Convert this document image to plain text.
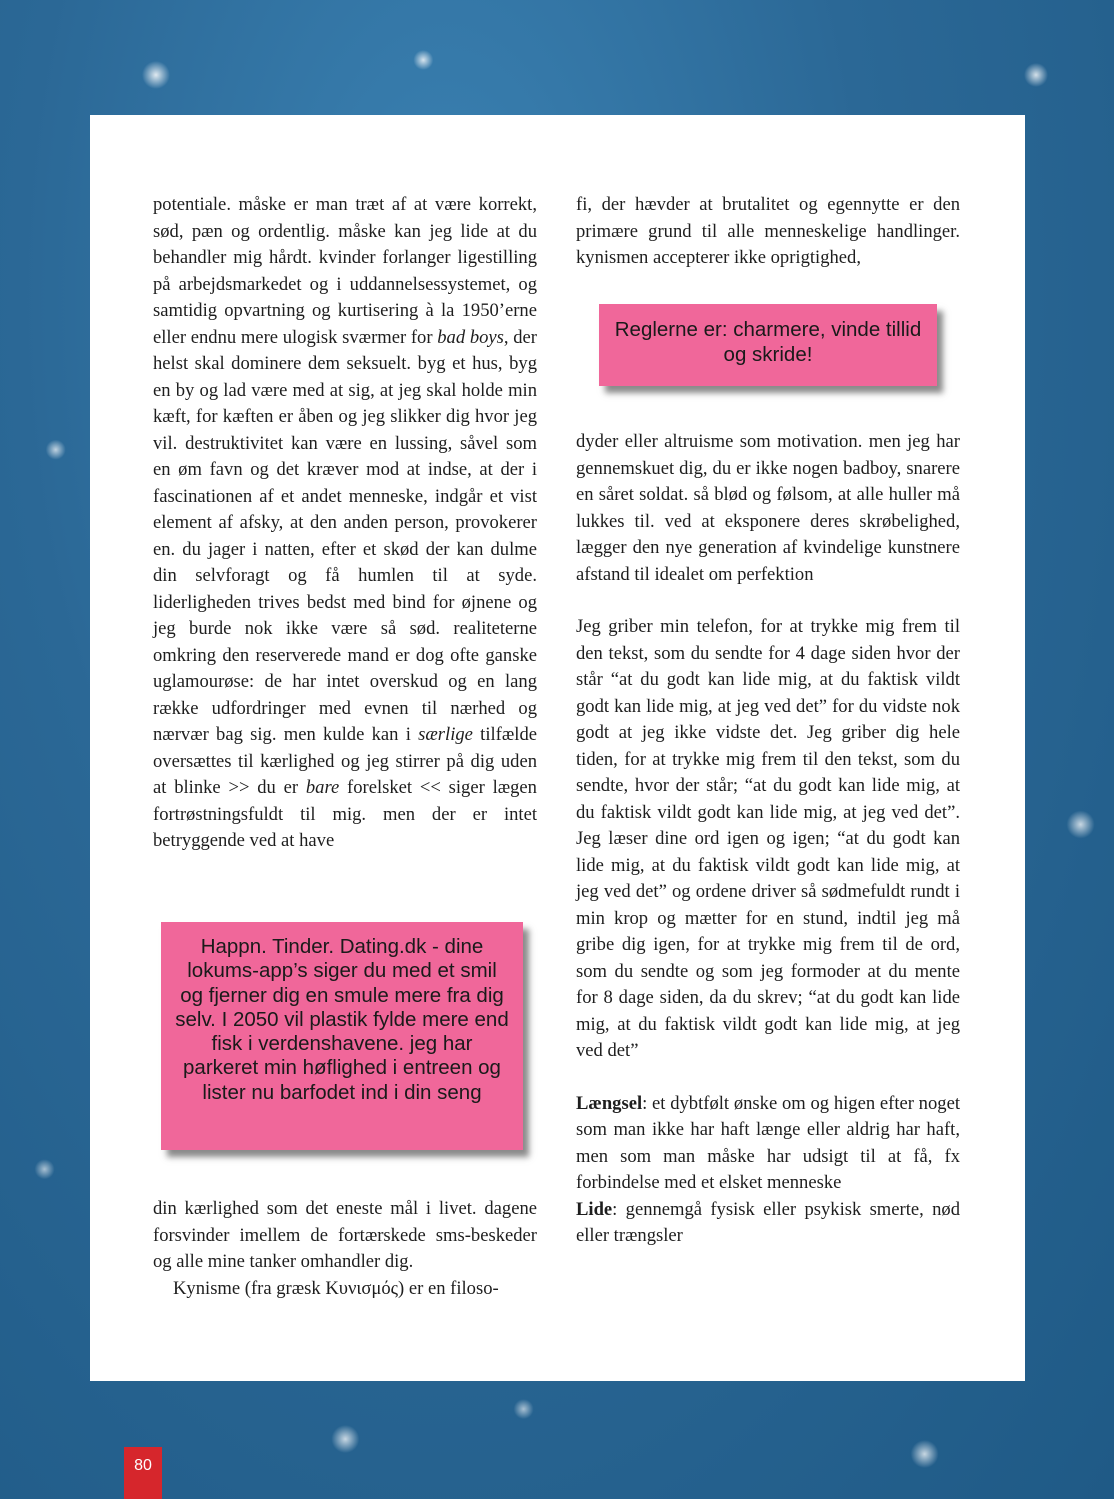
potentiale. måske er man træt af at være korrekt, sød, pæn og ordentlig. måske kan jeg lide at du behandler mig hårdt. kvinder forlanger ligestilling på arbejdsmarkedet og i uddannelsessystemet, og samtidig opvartning og kurtisering à la 1950’erne eller endnu mere ulogisk sværmer for bad boys, der helst skal dominere dem seksuelt. byg et hus, byg en by og lad være med at sig, at jeg skal holde min kæft, for kæften er åben og jeg slikker dig hvor jeg vil. destruktivitet kan være en lussing, såvel som en øm favn og det kræver mod at indse, at der i fascinationen af et andet menneske, indgår et vist element af afsky, at den anden person, provokerer en. du jager i natten, efter et skød der kan dulme din selvforagt og få humlen til at syde. liderligheden trives bedst med bind for øjnene og jeg burde nok ikke være så sød. realiteterne omkring den reserverede mand er dog ofte ganske uglamourøse: de har intet overskud og en lang række udfordringer med evnen til nærhed og nærvær bag sig. men kulde kan i særlige tilfælde oversættes til kærlighed og jeg stirrer på dig uden at blinke >> du er bare forelsket << siger lægen fortrøstningsfuldt til mig. men der er intet betryggende ved at have

Happn. Tinder. Dating.dk - dine lokums-app’s siger du med et smil og fjerner dig en smule mere fra dig selv. I 2050 vil plastik fylde mere end fisk i verdenshavene. jeg har parkeret min høflighed i entreen og lister nu barfodet ind i din seng

din kærlighed som det eneste mål i livet. dagene forsvinder imellem de fortærskede sms-beskeder og alle mine tanker omhandler dig.

Kynisme (fra græsk Κυνισμός) er en filoso-

fi, der hævder at brutalitet og egennytte er den primære grund til alle menneskelige handlinger. kynismen accepterer ikke oprigtighed,

Reglerne er: charmere, vinde tillid og skride!

dyder eller altruisme som motivation. men jeg har gennemskuet dig, du er ikke nogen badboy, snarere en såret soldat. så blød og følsom, at alle huller må lukkes til. ved at eksponere deres skrøbelighed, lægger den nye generation af kvindelige kunstnere afstand til idealet om perfektion

Jeg griber min telefon, for at trykke mig frem til den tekst, som du sendte for 4 dage siden hvor der står “at du godt kan lide mig, at du faktisk vildt godt kan lide mig, at jeg ved det” for du vidste nok godt at jeg ikke vidste det. Jeg griber dig hele tiden, for at trykke mig frem til den tekst, som du sendte, hvor der står; “at du godt kan lide mig, at du faktisk vildt godt kan lide mig, at jeg ved det”. Jeg læser dine ord igen og igen; “at du godt kan lide mig, at du faktisk vildt godt kan lide mig, at jeg ved det” og ordene driver så sødmefuldt rundt i min krop og mætter for en stund, indtil jeg må gribe dig igen, for at trykke mig frem til de ord, som du sendte og som jeg formoder at du mente for 8 dage siden, da du skrev; “at du godt kan lide mig, at du faktisk vildt godt kan lide mig, at jeg ved det”

Længsel: et dybtfølt ønske om og higen efter noget som man ikke har haft længe eller aldrig har haft, men som man måske har udsigt til at få, fx forbindelse med et elsket menneske

Lide: gennemgå fysisk eller psykisk smerte, nød eller trængsler

80
